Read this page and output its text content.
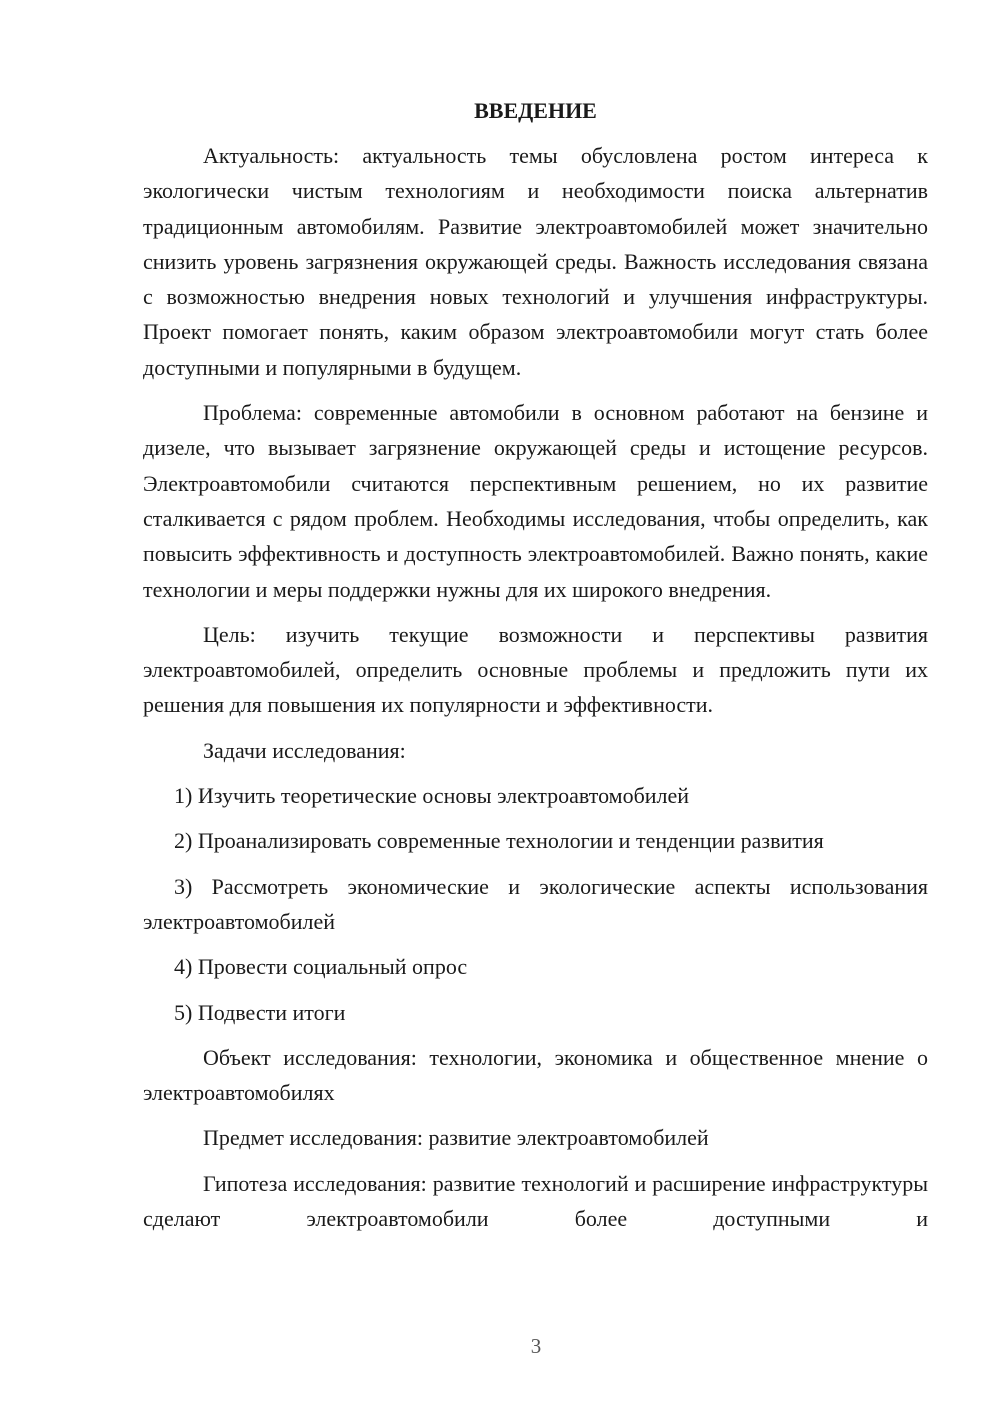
ВВЕДЕНИЕ

Актуальность: актуальность темы обусловлена ростом интереса к экологически чистым технологиям и необходимости поиска альтернатив традиционным автомобилям. Развитие электроавтомобилей может значительно снизить уровень загрязнения окружающей среды. Важность исследования связана с возможностью внедрения новых технологий и улучшения инфраструктуры. Проект помогает понять, каким образом электроавтомобили могут стать более доступными и популярными в будущем.

Проблема: современные автомобили в основном работают на бензине и дизеле, что вызывает загрязнение окружающей среды и истощение ресурсов. Электроавтомобили считаются перспективным решением, но их развитие сталкивается с рядом проблем. Необходимы исследования, чтобы определить, как повысить эффективность и доступность электроавтомобилей. Важно понять, какие технологии и меры поддержки нужны для их широкого внедрения.

Цель: изучить текущие возможности и перспективы развития электроавтомобилей, определить основные проблемы и предложить пути их решения для повышения их популярности и эффективности.

Задачи исследования:

1) Изучить теоретические основы электроавтомобилей

2) Проанализировать современные технологии и тенденции развития

3) Рассмотреть экономические и экологические аспекты использования электроавтомобилей

4) Провести социальный опрос

5) Подвести итоги

Объект исследования: технологии, экономика и общественное мнение о электроавтомобилях

Предмет исследования: развитие электроавтомобилей

Гипотеза исследования: развитие технологий и расширение инфраструктуры сделают электроавтомобили более доступными и

3
